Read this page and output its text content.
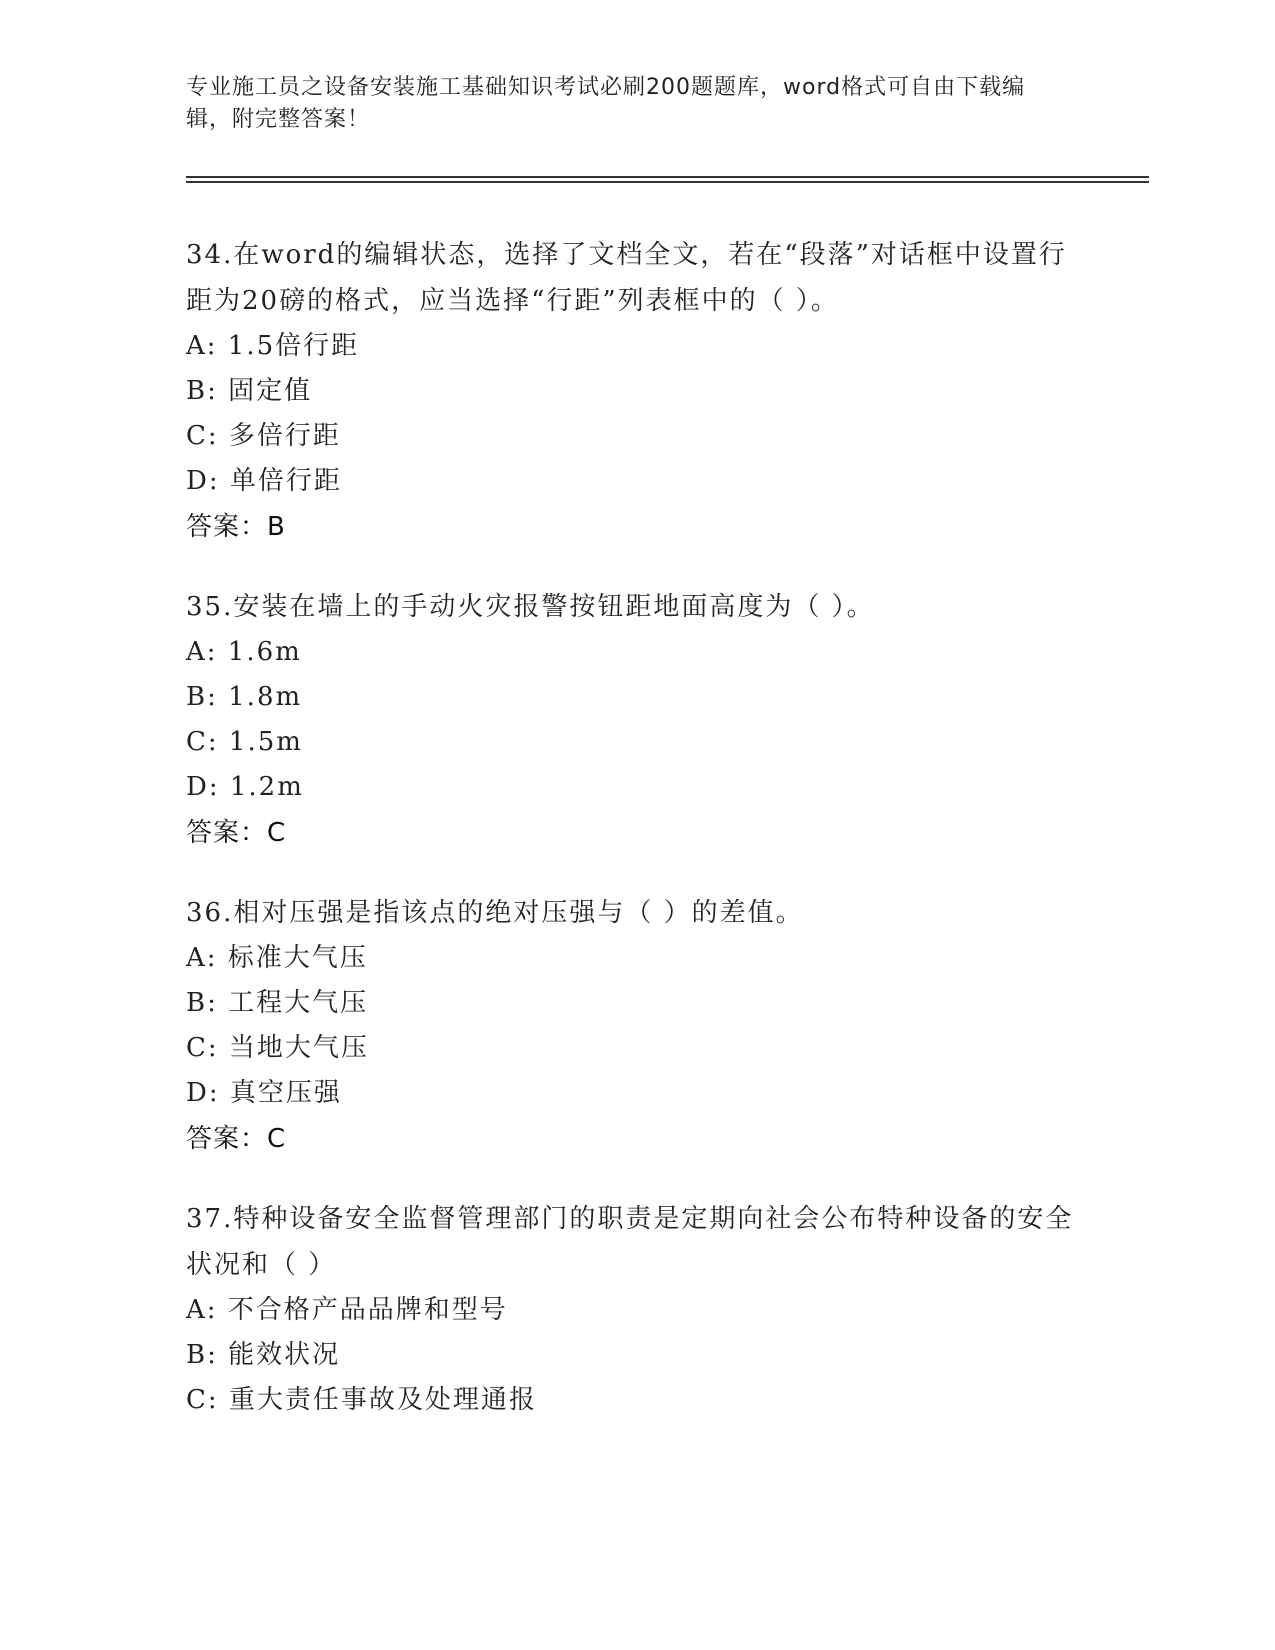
专业施工员之设备安装施工基础知识考试必刷200题题库，word格式可自由下载编辑，附完整答案！
34.在word的编辑状态，选择了文档全文，若在“段落”对话框中设置行距为20磅的格式，应当选择“行距”列表框中的（ ）。
A: 1.5倍行距
B: 固定值
C: 多倍行距
D: 单倍行距
答案：B
35.安装在墙上的手动火灾报警按钮距地面高度为（ ）。
A: 1.6m
B: 1.8m
C: 1.5m
D: 1.2m
答案：C
36.相对压强是指该点的绝对压强与（ ）的差值。
A: 标准大气压
B: 工程大气压
C: 当地大气压
D: 真空压强
答案：C
37.特种设备安全监督管理部门的职责是定期向社会公布特种设备的安全状况和（ ）
A: 不合格产品品牌和型号
B: 能效状况
C: 重大责任事故及处理通报
